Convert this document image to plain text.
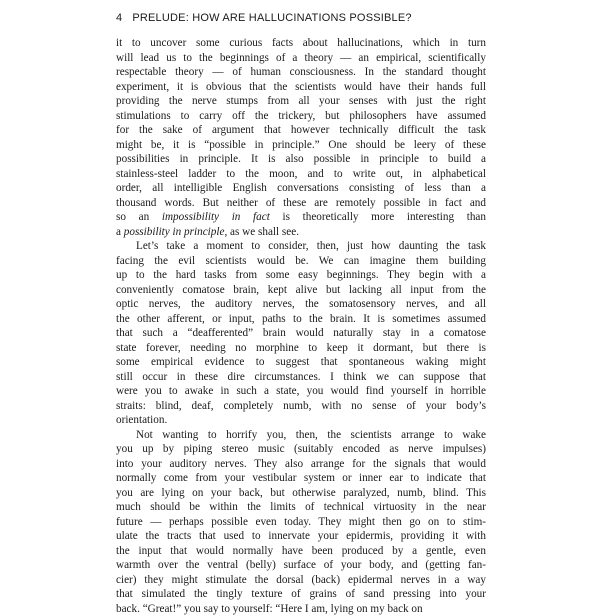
4 PRELUDE: HOW ARE HALLUCINATIONS POSSIBLE?
it to uncover some curious facts about hallucinations, which in turn
will lead us to the beginnings of a theory — an empirical, scientifically
respectable theory — of human consciousness. In the standard thought
experiment, it is obvious that the scientists would have their hands full
providing the nerve stumps from all your senses with just the right
stimulations to carry off the trickery, but philosophers have assumed
for the sake of argument that however technically difficult the task
might be, it is “possible in principle.” One should be leery of these
possibilities in principle. It is also possible in principle to build a
stainless-steel ladder to the moon, and to write out, in alphabetical
order, all intelligible English conversations consisting of less than a
thousand words. But neither of these are remotely possible in fact and
so an impossibility in fact is theoretically more interesting than
a possibility in principle, as we shall see.
Let’s take a moment to consider, then, just how daunting the task
facing the evil scientists would be. We can imagine them building
up to the hard tasks from some easy beginnings. They begin with a
conveniently comatose brain, kept alive but lacking all input from the
optic nerves, the auditory nerves, the somatosensory nerves, and all
the other afferent, or input, paths to the brain. It is sometimes assumed
that such a “deafferented” brain would naturally stay in a comatose
state forever, needing no morphine to keep it dormant, but there is
some empirical evidence to suggest that spontaneous waking might
still occur in these dire circumstances. I think we can suppose that
were you to awake in such a state, you would find yourself in horrible
straits: blind, deaf, completely numb, with no sense of your body’s
orientation.
Not wanting to horrify you, then, the scientists arrange to wake
you up by piping stereo music (suitably encoded as nerve impulses)
into your auditory nerves. They also arrange for the signals that would
normally come from your vestibular system or inner ear to indicate that
you are lying on your back, but otherwise paralyzed, numb, blind. This
much should be within the limits of technical virtuosity in the near
future — perhaps possible even today. They might then go on to stim-
ulate the tracts that used to innervate your epidermis, providing it with
the input that would normally have been produced by a gentle, even
warmth over the ventral (belly) surface of your body, and (getting fan-
cier) they might stimulate the dorsal (back) epidermal nerves in a way
that simulated the tingly texture of grains of sand pressing into your
back. “Great!” you say to yourself: “Here I am, lying on my back on
